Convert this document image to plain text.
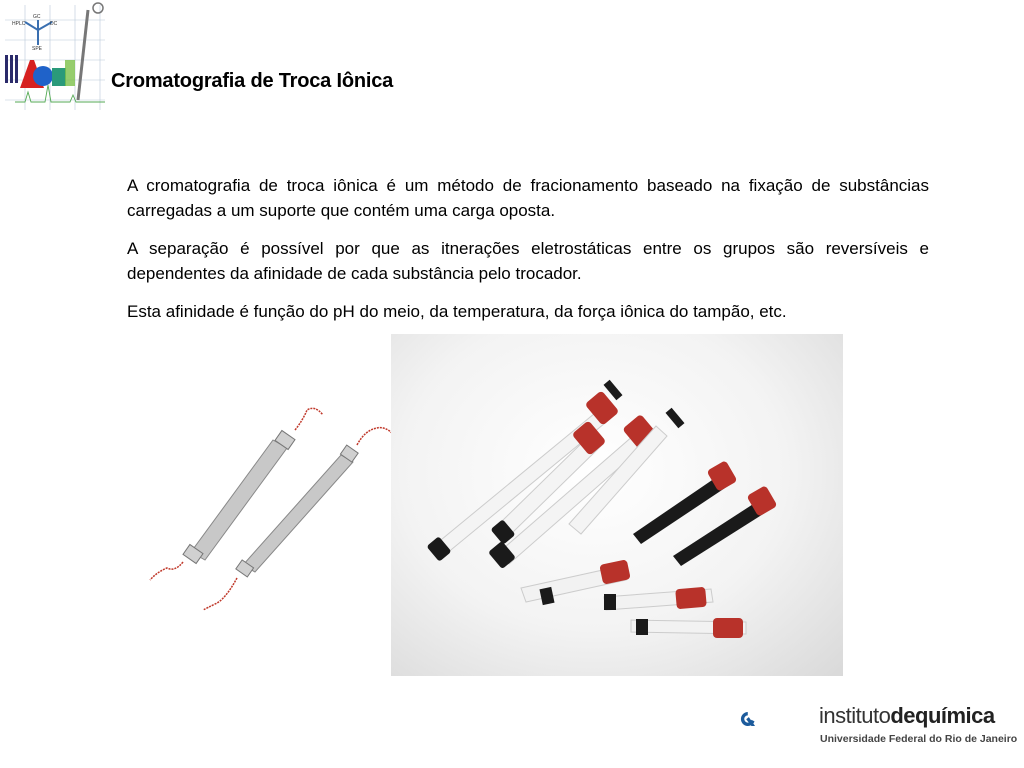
HPLC
GC
DC
SPE
Cromatografia de Troca Iônica

A cromatografia de troca iônica é um método de fracionamento baseado na fixação de substâncias carregadas a um suporte que contém uma carga oposta.

A separação é possível por que as itnerações eletrostáticas entre os grupos são reversíveis e dependentes da afinidade de cada substância pelo trocador.

Esta afinidade é função do pH do meio, da temperatura, da força iônica do tampão, etc.

institutodequímica
Universidade Federal do Rio de Janeiro
